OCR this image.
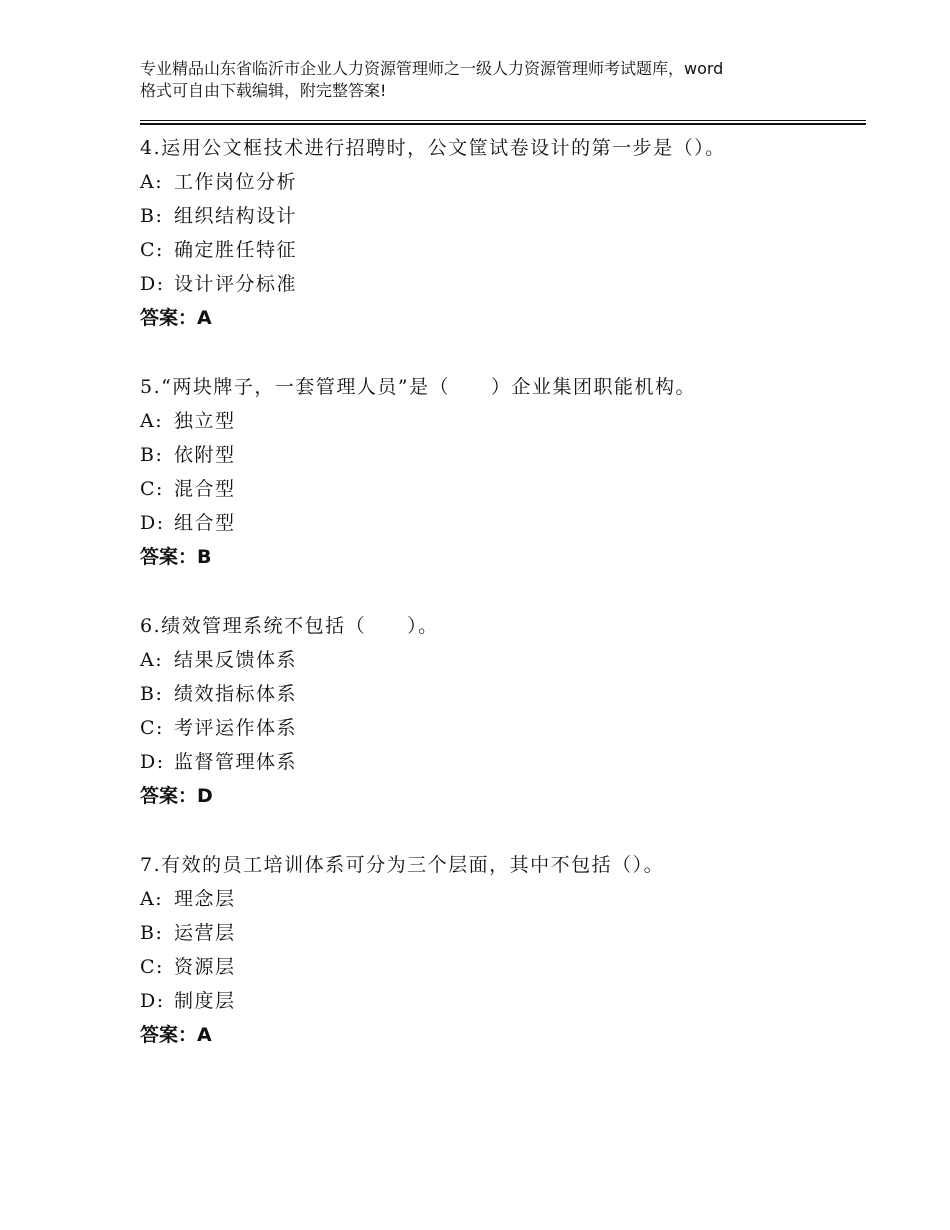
专业精品山东省临沂市企业人力资源管理师之一级人力资源管理师考试题库，word
格式可自由下载编辑，附完整答案!
4.运用公文框技术进行招聘时，公文筐试卷设计的第一步是（）。
A: 工作岗位分析
B: 组织结构设计
C: 确定胜任特征
D: 设计评分标准
答案：A
5.“两块牌子，一套管理人员”是（　　）企业集团职能机构。
A: 独立型
B: 依附型
C: 混合型
D: 组合型
答案：B
6.绩效管理系统不包括（　　）。
A: 结果反馈体系
B: 绩效指标体系
C: 考评运作体系
D: 监督管理体系
答案：D
7.有效的员工培训体系可分为三个层面，其中不包括（）。
A: 理念层
B: 运营层
C: 资源层
D: 制度层
答案：A
